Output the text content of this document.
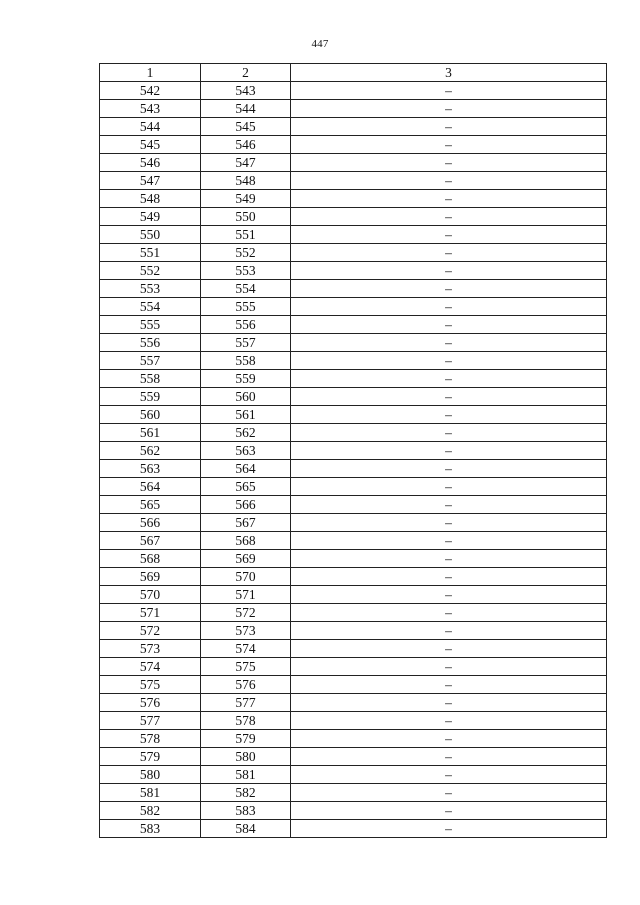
447
1	2	3
542	543	–
543	544	–
544	545	–
545	546	–
546	547	–
547	548	–
548	549	–
549	550	–
550	551	–
551	552	–
552	553	–
553	554	–
554	555	–
555	556	–
556	557	–
557	558	–
558	559	–
559	560	–
560	561	–
561	562	–
562	563	–
563	564	–
564	565	–
565	566	–
566	567	–
567	568	–
568	569	–
569	570	–
570	571	–
571	572	–
572	573	–
573	574	–
574	575	–
575	576	–
576	577	–
577	578	–
578	579	–
579	580	–
580	581	–
581	582	–
582	583	–
583	584	–
